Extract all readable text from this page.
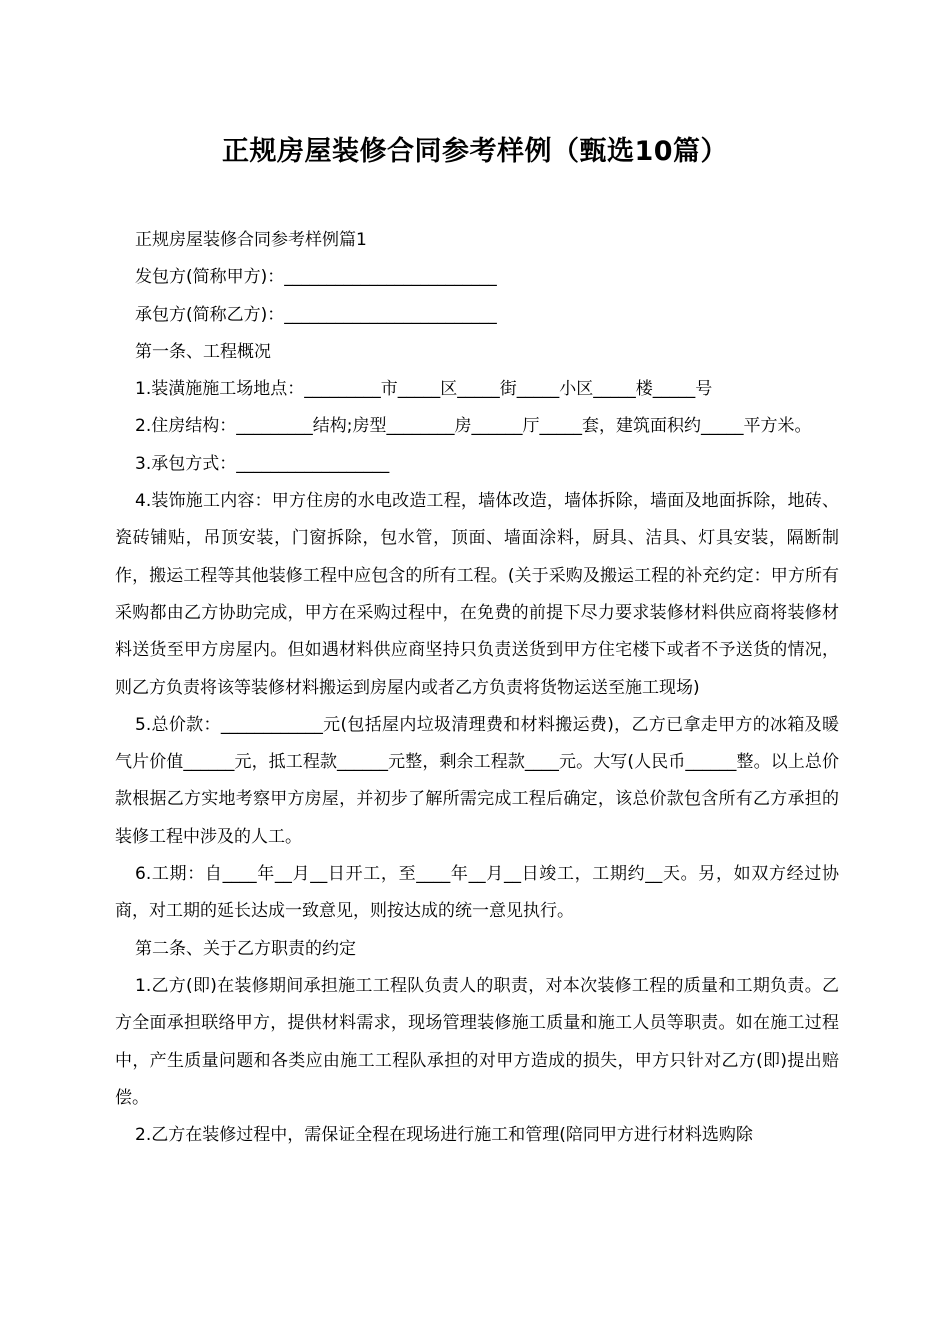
正规房屋装修合同参考样例（甄选10篇）

正规房屋装修合同参考样例篇1

发包方(简称甲方)：_________________________

承包方(简称乙方)：_________________________

第一条、工程概况

1.装潢施施工场地点：_________市_____区_____街_____小区_____楼_____号

2.住房结构：_________结构;房型________房______厅_____套，建筑面积约_____平方米。

3.承包方式：__________________

4.装饰施工内容：甲方住房的水电改造工程，墙体改造，墙体拆除，墙面及地面拆除，地砖、瓷砖铺贴，吊顶安装，门窗拆除，包水管，顶面、墙面涂料，厨具、洁具、灯具安装，隔断制作，搬运工程等其他装修工程中应包含的所有工程。(关于采购及搬运工程的补充约定：甲方所有采购都由乙方协助完成，甲方在采购过程中，在免费的前提下尽力要求装修材料供应商将装修材料送货至甲方房屋内。但如遇材料供应商坚持只负责送货到甲方住宅楼下或者不予送货的情况，则乙方负责将该等装修材料搬运到房屋内或者乙方负责将货物运送至施工现场)

5.总价款：____________元(包括屋内垃圾清理费和材料搬运费)，乙方已拿走甲方的冰箱及暖气片价值______元，抵工程款______元整，剩余工程款____元。大写(人民币______整。以上总价款根据乙方实地考察甲方房屋，并初步了解所需完成工程后确定，该总价款包含所有乙方承担的装修工程中涉及的人工。

6.工期：自____年__月__日开工，至____年__月__日竣工，工期约__天。另，如双方经过协商，对工期的延长达成一致意见，则按达成的统一意见执行。

第二条、关于乙方职责的约定

1.乙方(即)在装修期间承担施工工程队负责人的职责，对本次装修工程的质量和工期负责。乙方全面承担联络甲方，提供材料需求，现场管理装修施工质量和施工人员等职责。如在施工过程中，产生质量问题和各类应由施工工程队承担的对甲方造成的损失，甲方只针对乙方(即)提出赔偿。

2.乙方在装修过程中，需保证全程在现场进行施工和管理(陪同甲方进行材料选购除
